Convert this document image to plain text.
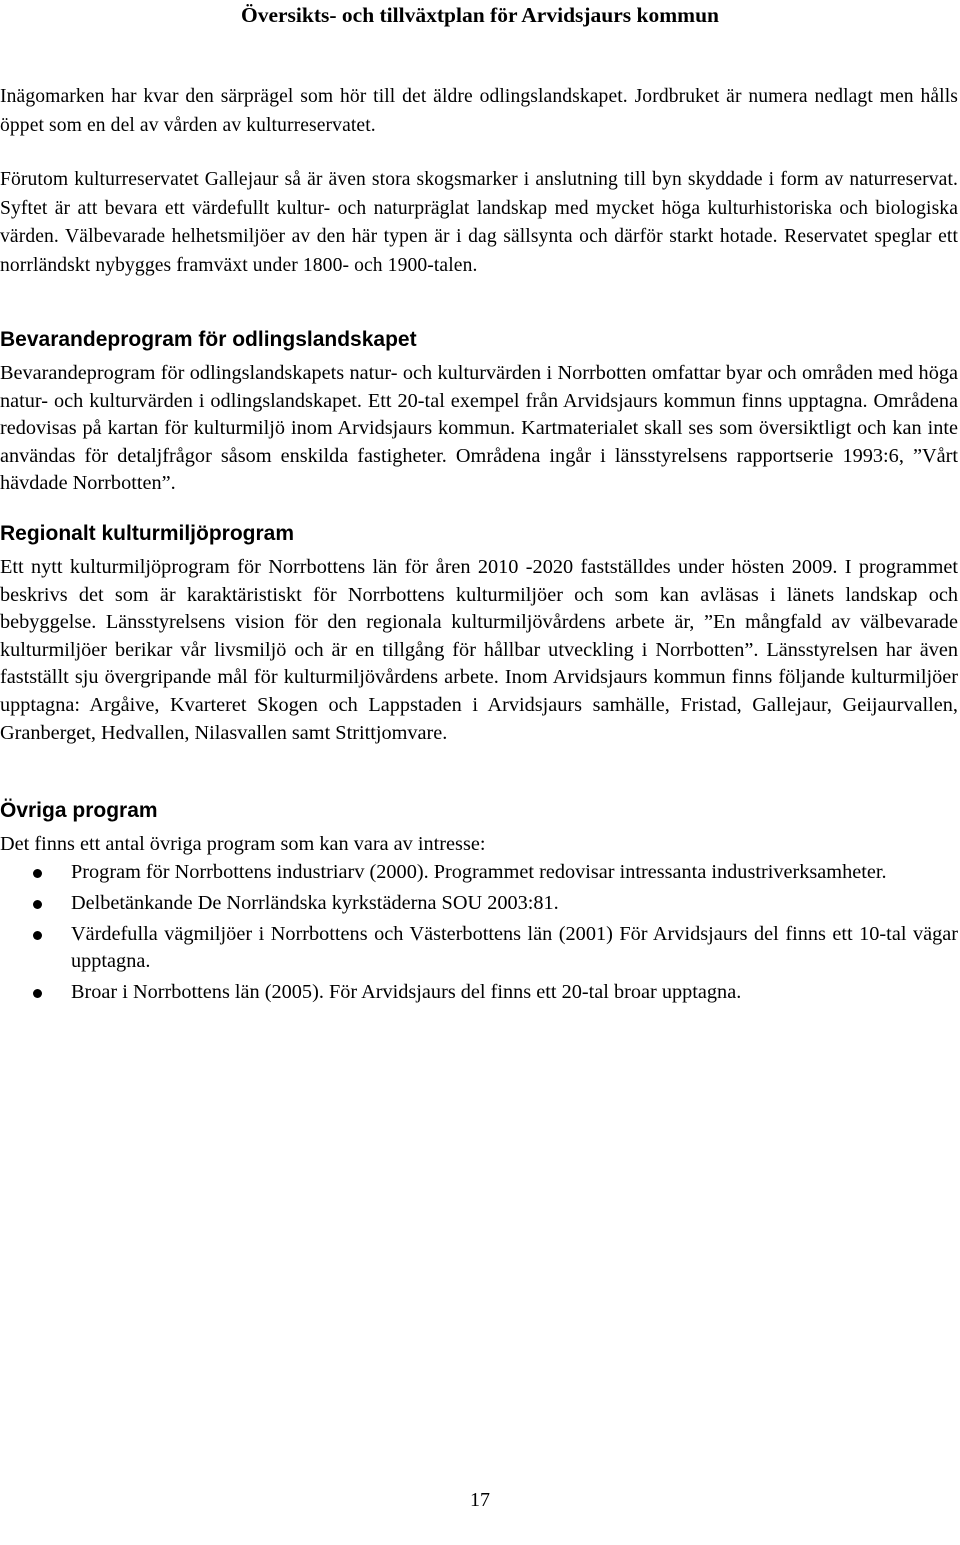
Översikts- och tillväxtplan för Arvidsjaurs kommun

Inägomarken har kvar den särprägel som hör till det äldre odlingslandskapet. Jordbruket är numera nedlagt men hålls öppet som en del av vården av kulturreservatet.

Förutom kulturreservatet Gallejaur så är även stora skogsmarker i anslutning till byn skyddade i form av naturreservat. Syftet är att bevara ett värdefullt kultur- och naturpräglat landskap med mycket höga kulturhistoriska och biologiska värden. Välbevarade helhetsmiljöer av den här typen är i dag sällsynta och därför starkt hotade. Reservatet speglar ett norrländskt nybygges framväxt under 1800- och 1900-talen.

Bevarandeprogram för odlingslandskapet

Bevarandeprogram för odlingslandskapets natur- och kulturvärden i Norrbotten omfattar byar och områden med höga natur- och kulturvärden i odlingslandskapet. Ett 20-tal exempel från Arvidsjaurs kommun finns upptagna. Områdena redovisas på kartan för kulturmiljö inom Arvidsjaurs kommun. Kartmaterialet skall ses som översiktligt och kan inte användas för detaljfrågor såsom enskilda fastigheter. Områdena ingår i länsstyrelsens rapportserie 1993:6, ”Vårt hävdade Norrbotten”.

Regionalt kulturmiljöprogram

Ett nytt kulturmiljöprogram för Norrbottens län för åren 2010 -2020 fastställdes under hösten 2009. I programmet beskrivs det som är karaktäristiskt för Norrbottens kulturmiljöer och som kan avläsas i länets landskap och bebyggelse. Länsstyrelsens vision för den regionala kulturmiljövårdens arbete är, ”En mångfald av välbevarade kulturmiljöer berikar vår livsmiljö och är en tillgång för hållbar utveckling i Norrbotten”. Länsstyrelsen har även fastställt sju övergripande mål för kulturmiljövårdens arbete. Inom Arvidsjaurs kommun finns följande kulturmiljöer upptagna: Argåive, Kvarteret Skogen och Lappstaden i Arvidsjaurs samhälle, Fristad, Gallejaur, Geijaurvallen, Granberget, Hedvallen, Nilasvallen samt Strittjomvare.

Övriga program

Det finns ett antal övriga program som kan vara av intresse:

Program för Norrbottens industriarv (2000). Programmet redovisar intressanta industriverksamheter.
Delbetänkande De Norrländska kyrkstäderna SOU 2003:81.
Värdefulla vägmiljöer i Norrbottens och Västerbottens län (2001) För Arvidsjaurs del finns ett 10-tal vägar upptagna.
Broar i Norrbottens län (2005). För Arvidsjaurs del finns ett 20-tal broar upptagna.
17
